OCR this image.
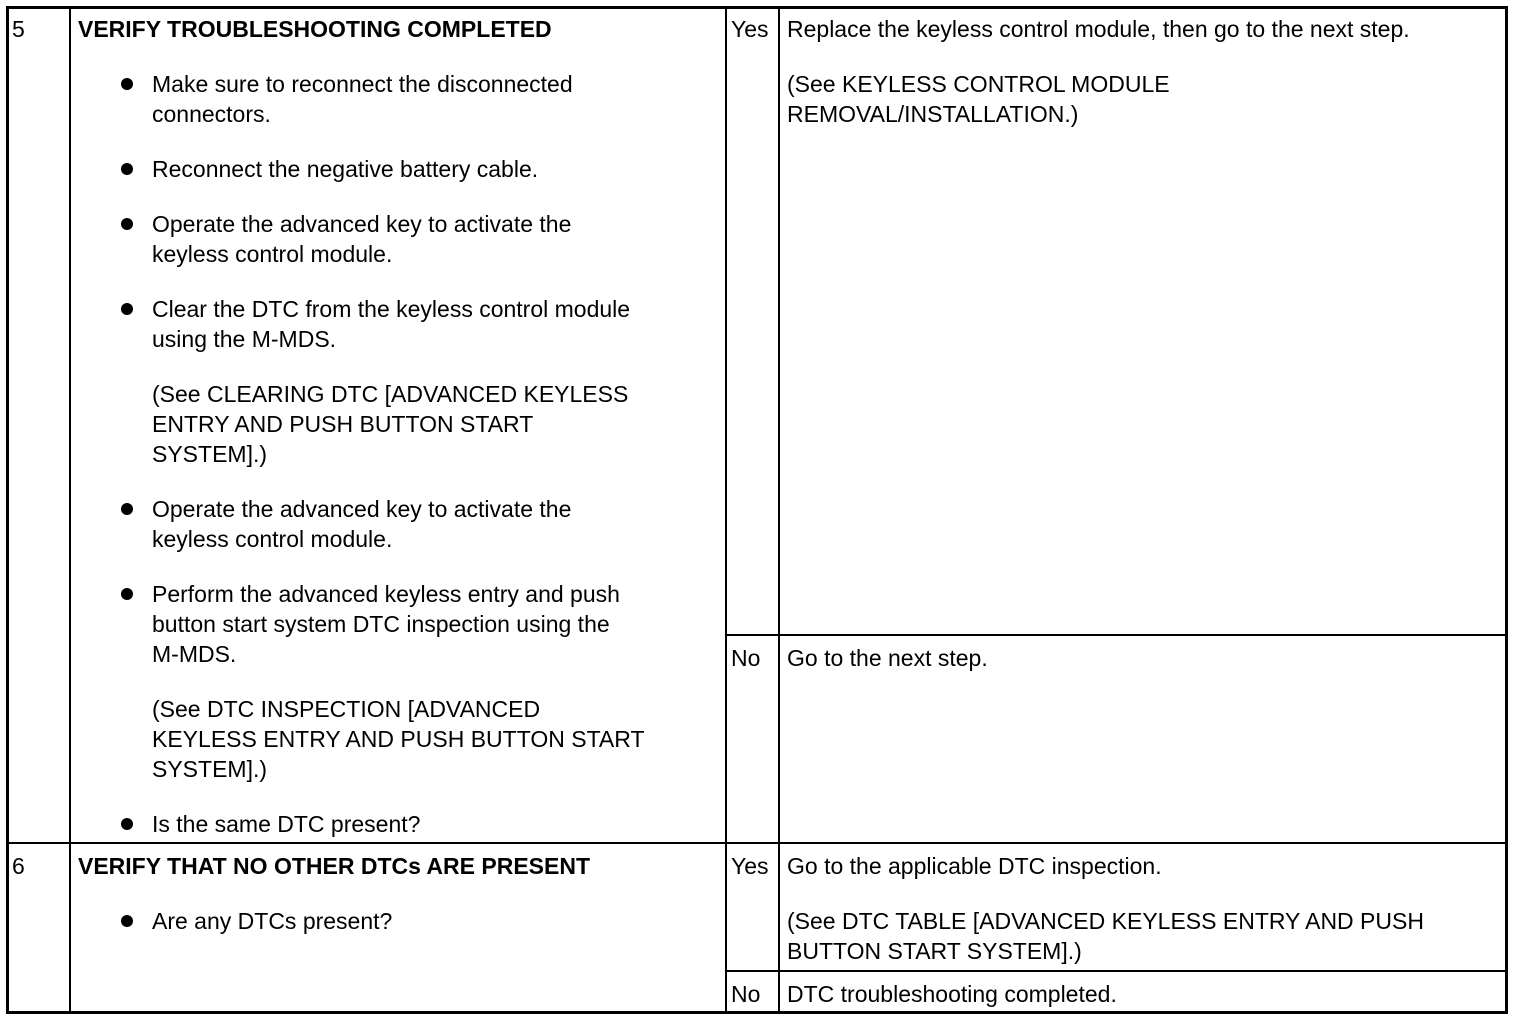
5 VERIFY TROUBLESHOOTING COMPLETED
Make sure to reconnect the disconnected
connectors.
Reconnect the negative battery cable.
Operate the advanced key to activate the
keyless control module.
Clear the DTC from the keyless control module
using the M-MDS.
(See CLEARING DTC [ADVANCED KEYLESS
ENTRY AND PUSH BUTTON START
SYSTEM].)
Operate the advanced key to activate the
keyless control module.
Perform the advanced keyless entry and push
button start system DTC inspection using the
M-MDS.
(See DTC INSPECTION [ADVANCED
KEYLESS ENTRY AND PUSH BUTTON START
SYSTEM].)
Is the same DTC present?
Yes Replace the keyless control module, then go to the next step.
(See KEYLESS CONTROL MODULE
REMOVAL/INSTALLATION.)
No Go to the next step.
6 VERIFY THAT NO OTHER DTCs ARE PRESENT
Are any DTCs present?
Yes Go to the applicable DTC inspection.
(See DTC TABLE [ADVANCED KEYLESS ENTRY AND PUSH
BUTTON START SYSTEM].)
No DTC troubleshooting completed.
